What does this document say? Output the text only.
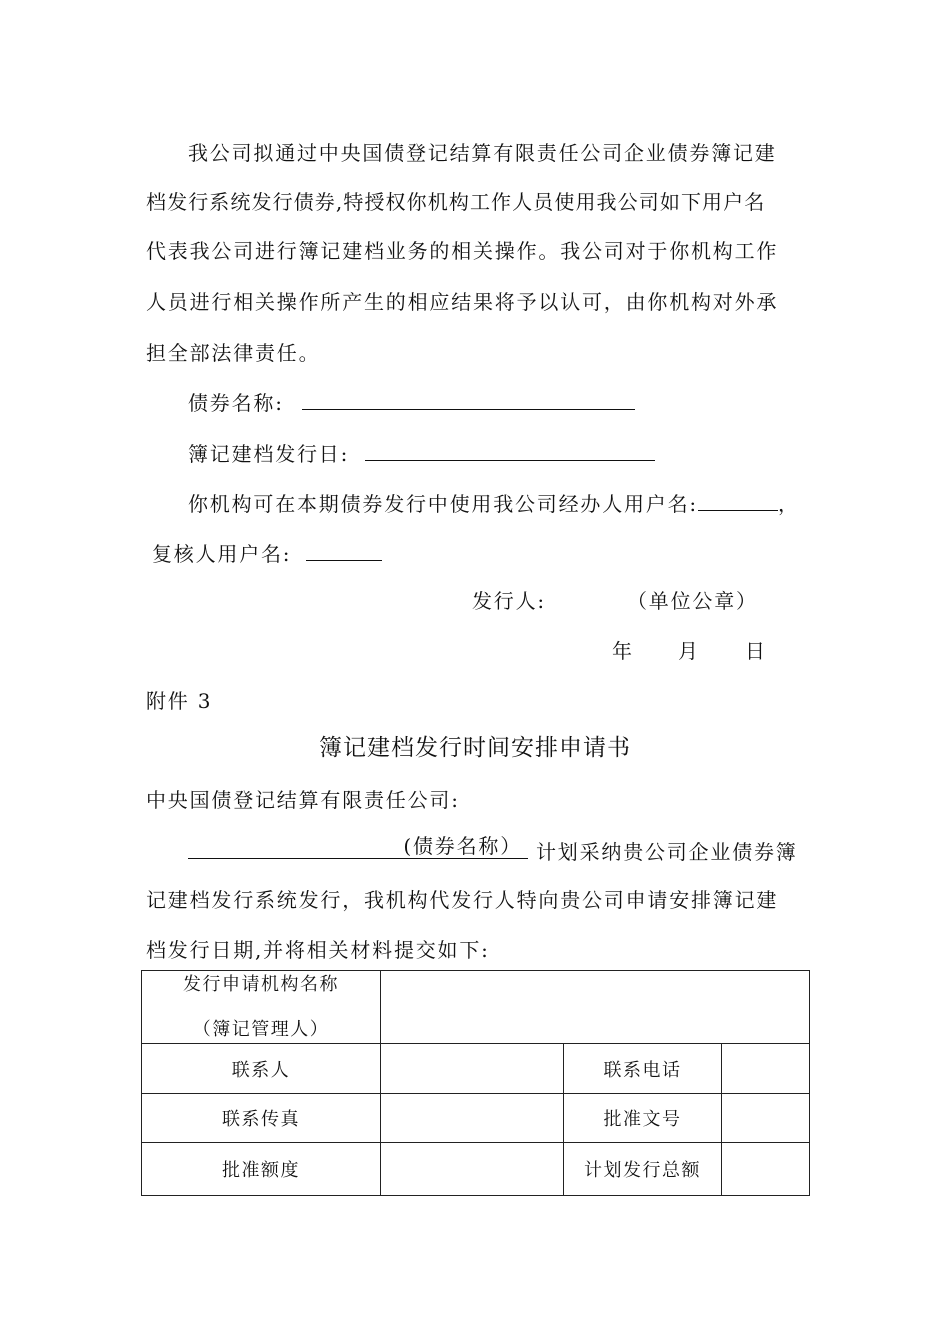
我公司拟通过中央国债登记结算有限责任公司企业债券簿记建
档发行系统发行债券,特授权你机构工作人员使用我公司如下用户名
代表我公司进行簿记建档业务的相关操作。我公司对于你机构工作
人员进行相关操作所产生的相应结果将予以认可，由你机构对外承
担全部法律责任。
债券名称:
簿记建档发行日:
你机构可在本期债券发行中使用我公司经办人用户名:	，
复核人用户名:
发行人:	（单位公章）
年 月 日
附件 3
簿记建档发行时间安排申请书
中央国债登记结算有限责任公司:
(债券名称） 计划采纳贵公司企业债券簿
记建档发行系统发行，我机构代发行人特向贵公司申请安排簿记建
档发行日期,并将相关材料提交如下:
发行申请机构名称
（簿记管理人）			

联系人		联系电话	
联系传真		批准文号	
批准额度		计划发行总额	
